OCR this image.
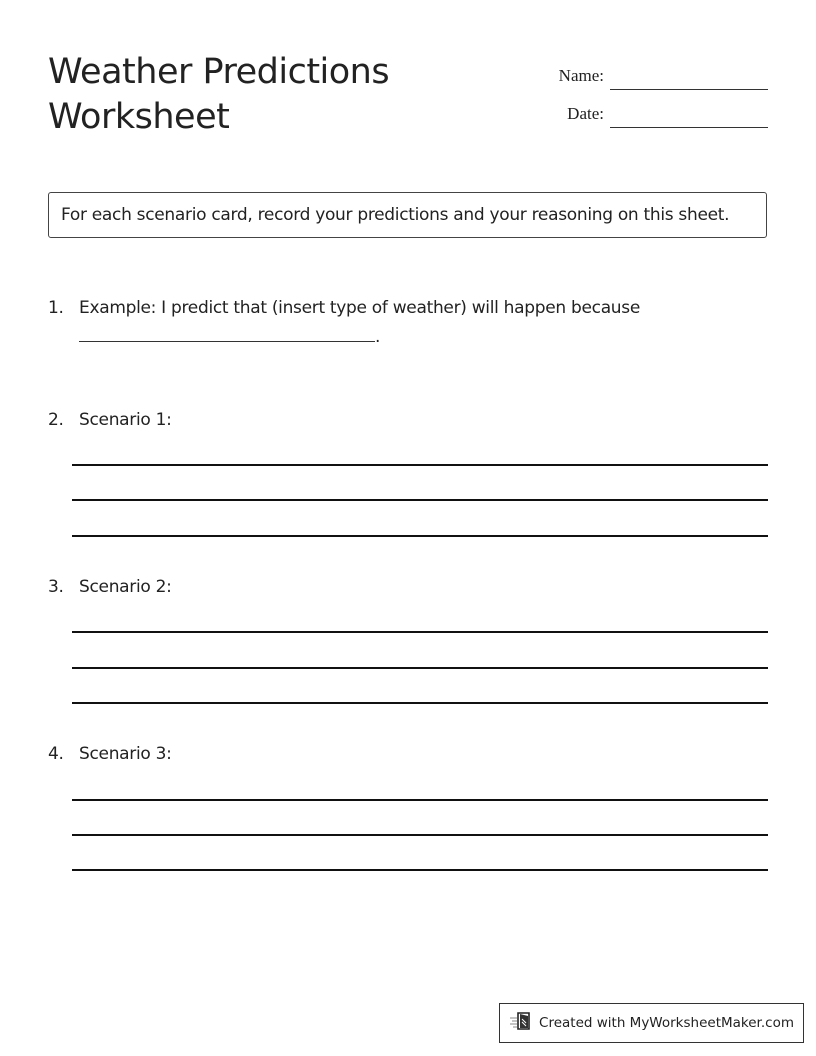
Weather Predictions
Worksheet
Name:
Date:
For each scenario card, record your predictions and your reasoning on this sheet.
1. Example: I predict that (insert type of weather) will happen because
.
2. Scenario 1:
3. Scenario 2:
4. Scenario 3:
Created with MyWorksheetMaker.com
